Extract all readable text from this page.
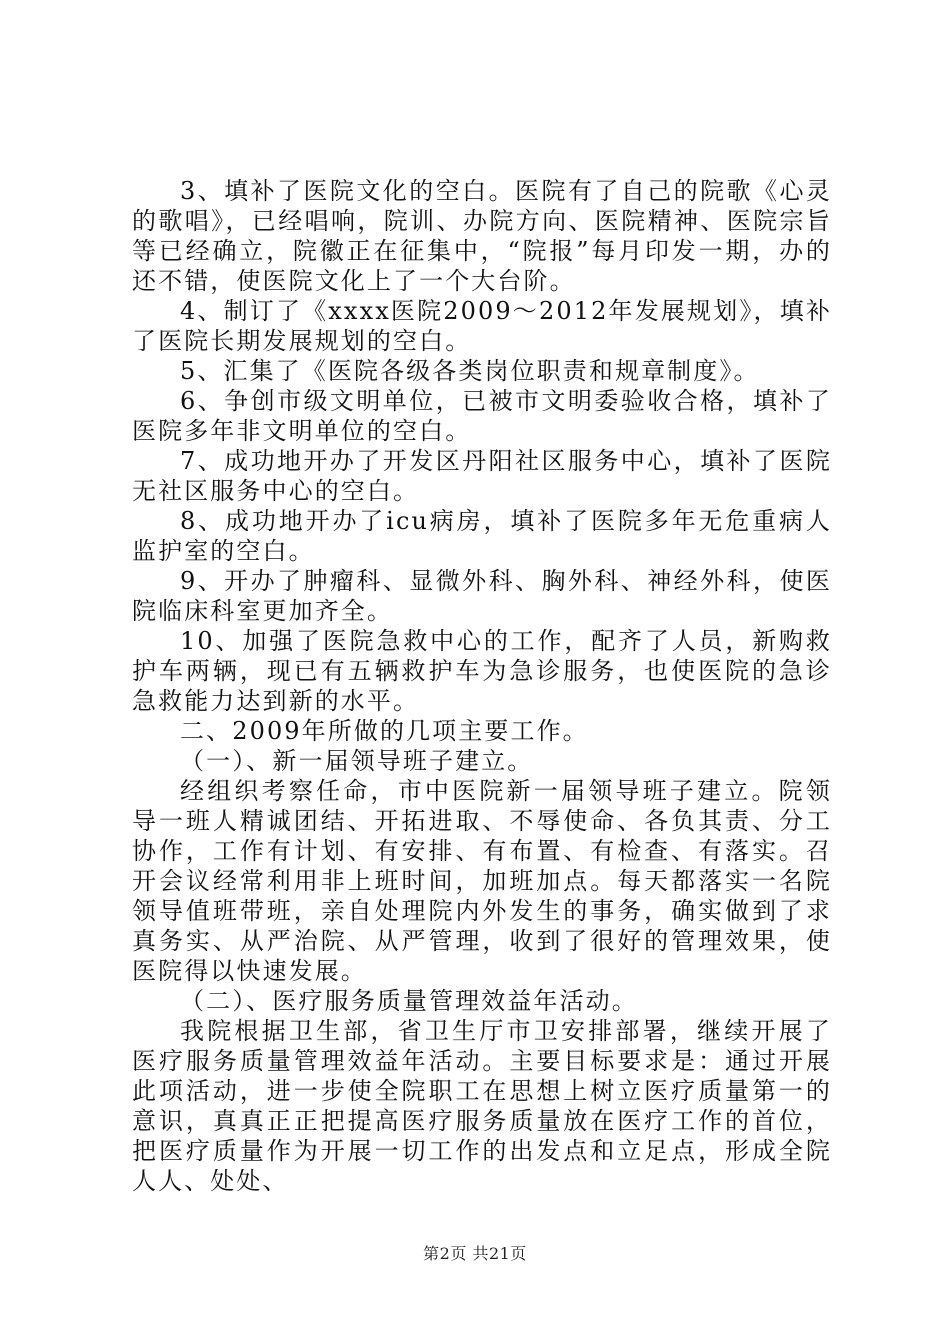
3、填补了医院文化的空白。医院有了自己的院歌《心灵的歌唱》，已经唱响，院训、办院方向、医院精神、医院宗旨等已经确立，院徽正在征集中，“院报”每月印发一期，办的还不错，使医院文化上了一个大台阶。

4、制订了《xxxx医院2009～2012年发展规划》，填补了医院长期发展规划的空白。

5、汇集了《医院各级各类岗位职责和规章制度》。

6、争创市级文明单位，已被市文明委验收合格，填补了医院多年非文明单位的空白。

7、成功地开办了开发区丹阳社区服务中心，填补了医院无社区服务中心的空白。

8、成功地开办了icu病房，填补了医院多年无危重病人监护室的空白。

9、开办了肿瘤科、显微外科、胸外科、神经外科，使医院临床科室更加齐全。

10、加强了医院急救中心的工作，配齐了人员，新购救护车两辆，现已有五辆救护车为急诊服务，也使医院的急诊急救能力达到新的水平。

二、2009年所做的几项主要工作。

（一）、新一届领导班子建立。

经组织考察任命，市中医院新一届领导班子建立。院领导一班人精诚团结、开拓进取、不辱使命、各负其责、分工协作，工作有计划、有安排、有布置、有检查、有落实。召开会议经常利用非上班时间，加班加点。每天都落实一名院领导值班带班，亲自处理院内外发生的事务，确实做到了求真务实、从严治院、从严管理，收到了很好的管理效果，使医院得以快速发展。

（二）、医疗服务质量管理效益年活动。

我院根据卫生部，省卫生厅市卫安排部署，继续开展了医疗服务质量管理效益年活动。主要目标要求是：通过开展此项活动，进一步使全院职工在思想上树立医疗质量第一的意识，真真正正把提高医疗服务质量放在医疗工作的首位，把医疗质量作为开展一切工作的出发点和立足点，形成全院人人、处处、

第2页 共21页
